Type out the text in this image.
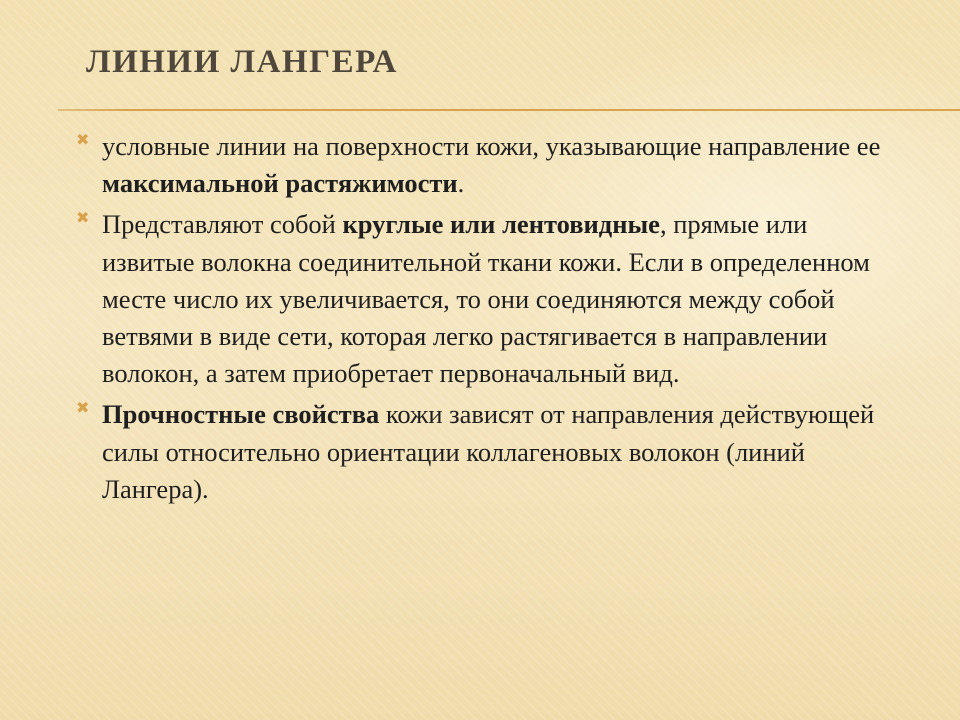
ЛИНИИ ЛАНГЕРА
✖ условные линии на поверхности кожи, указывающие направление ее максимальной растяжимости.
✖ Представляют собой круглые или лентовидные, прямые или извитые волокна соединительной ткани кожи. Если в определенном месте число их увеличивается, то они соединяются между собой ветвями в виде сети, которая легко растягивается в направлении волокон, а затем приобретает первоначальный вид.
✖ Прочностные свойства кожи зависят от направления действующей силы относительно ориентации коллагеновых волокон (линий Лангера).
